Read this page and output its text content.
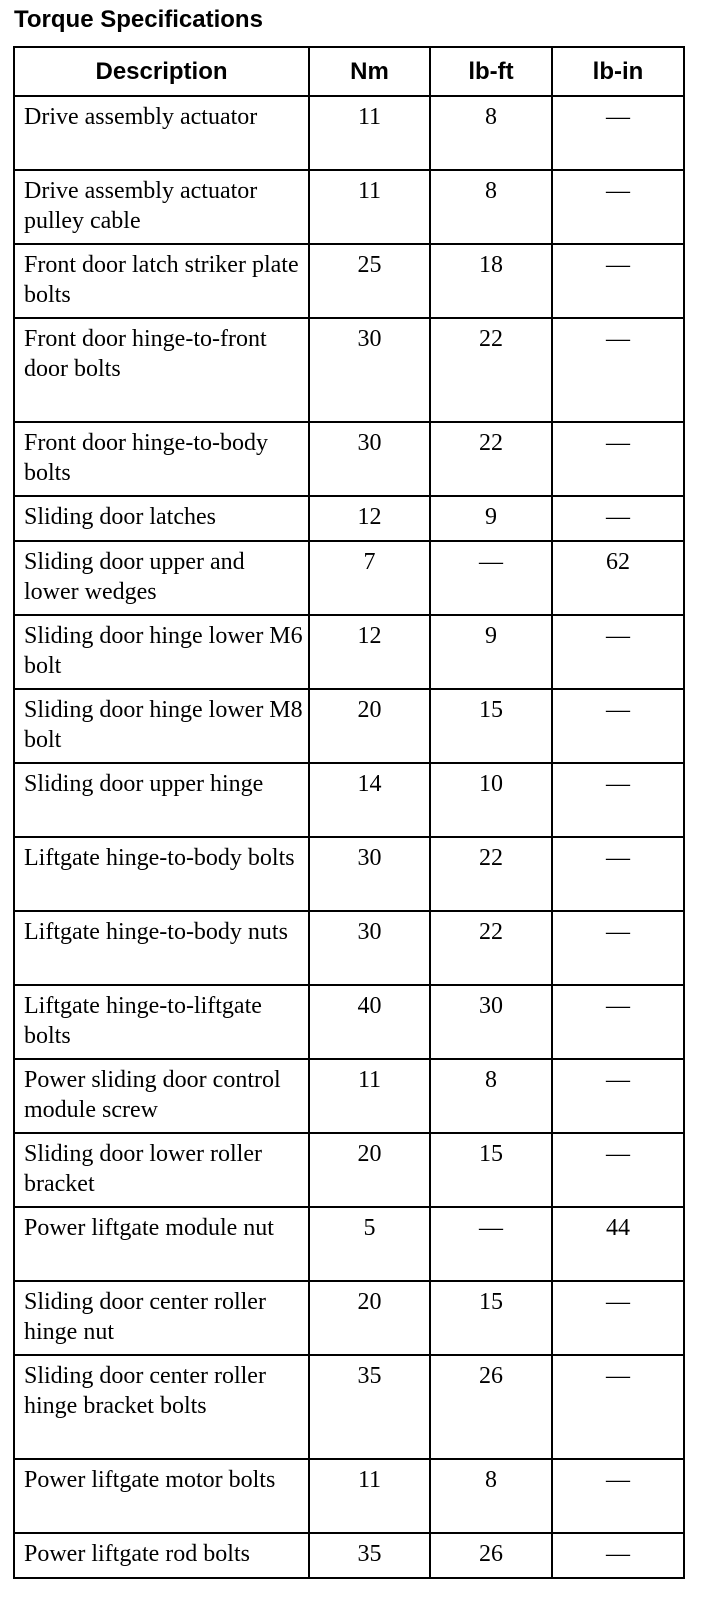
Torque Specifications
Description	Nm	lb-ft	lb-in
Drive assembly actuator	11	8	—
Drive assembly actuator pulley cable	11	8	—
Front door latch striker plate bolts	25	18	—
Front door hinge-to-front door bolts	30	22	—
Front door hinge-to-body bolts	30	22	—
Sliding door latches	12	9	—
Sliding door upper and lower wedges	7	—	62
Sliding door hinge lower M6 bolt	12	9	—
Sliding door hinge lower M8 bolt	20	15	—
Sliding door upper hinge	14	10	—
Liftgate hinge-to-body bolts	30	22	—
Liftgate hinge-to-body nuts	30	22	—
Liftgate hinge-to-liftgate bolts	40	30	—
Power sliding door control module screw	11	8	—
Sliding door lower roller bracket	20	15	—
Power liftgate module nut	5	—	44
Sliding door center roller hinge nut	20	15	—
Sliding door center roller hinge bracket bolts	35	26	—
Power liftgate motor bolts	11	8	—
Power liftgate rod bolts	35	26	—
